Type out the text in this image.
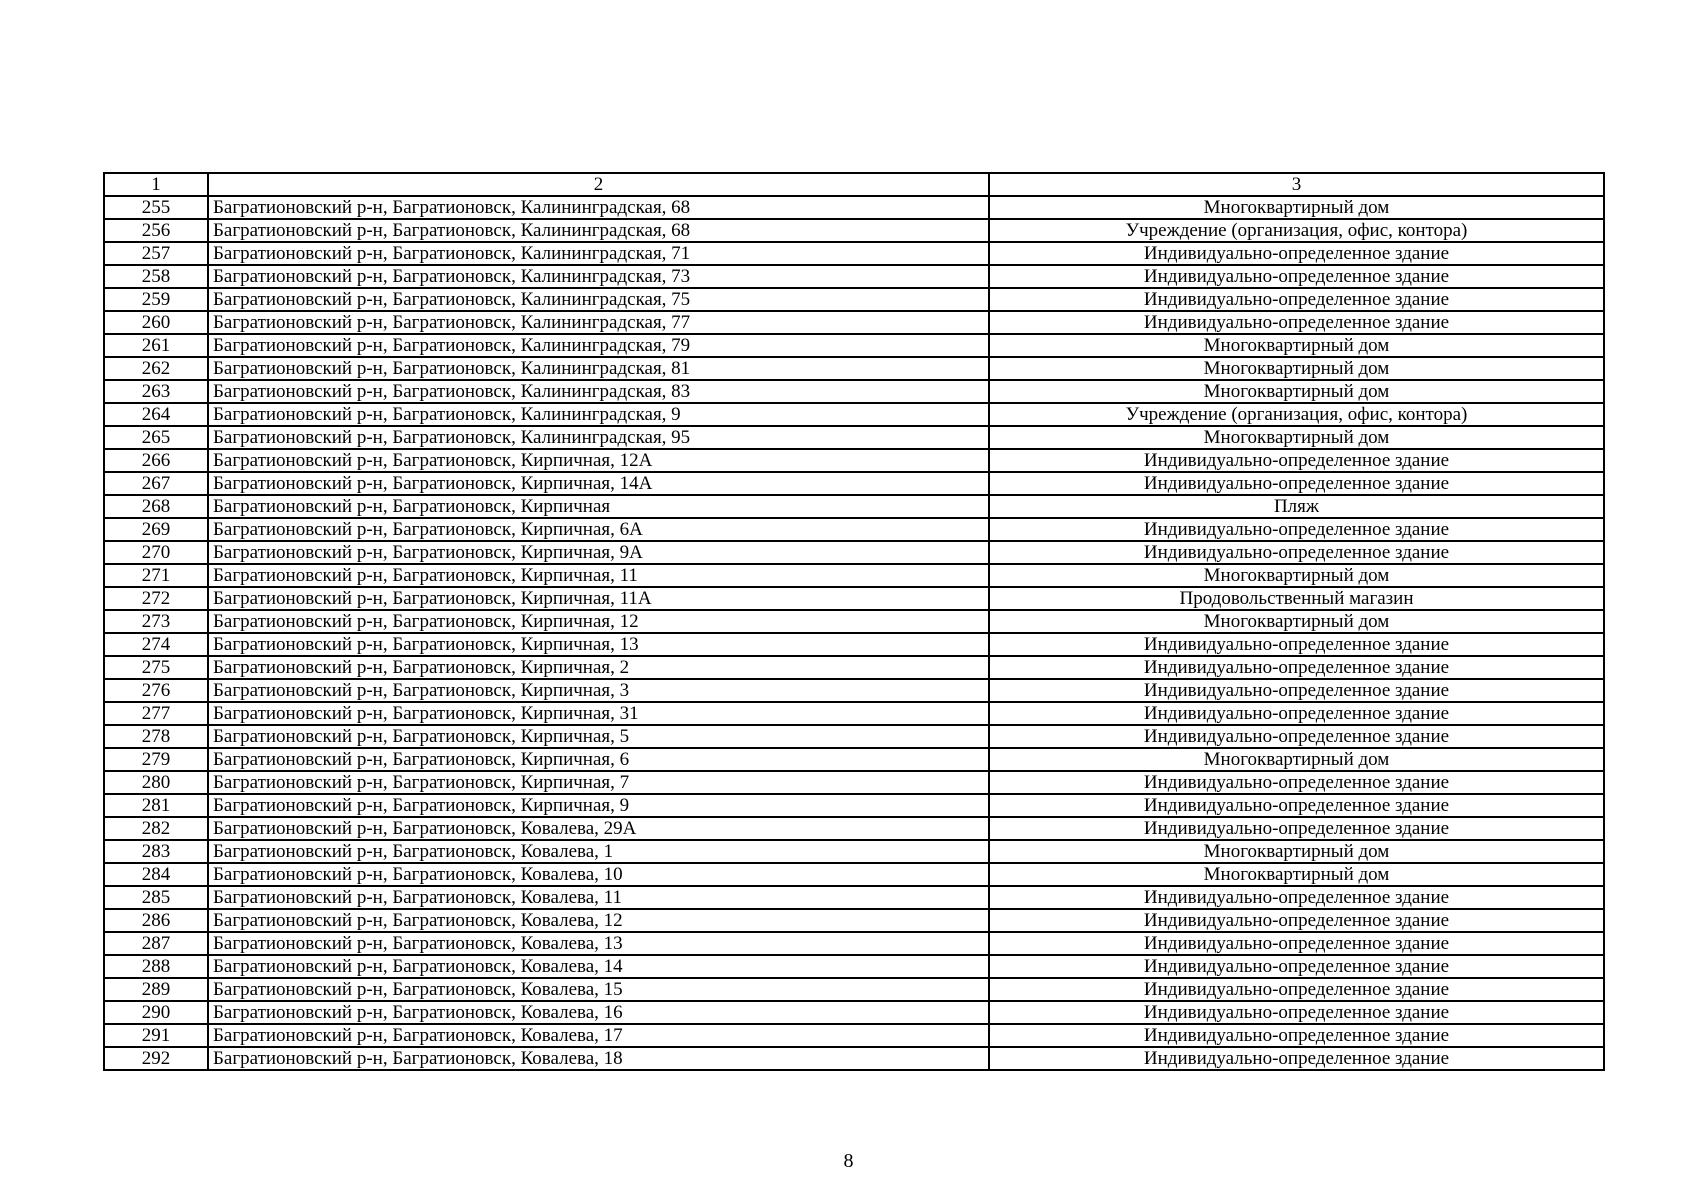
1	2	3
255	Багратионовский р-н, Багратионовск, Калининградская, 68	Многоквартирный дом
256	Багратионовский р-н, Багратионовск, Калининградская, 68	Учреждение (организация, офис, контора)
257	Багратионовский р-н, Багратионовск, Калининградская, 71	Индивидуально-определенное здание
258	Багратионовский р-н, Багратионовск, Калининградская, 73	Индивидуально-определенное здание
259	Багратионовский р-н, Багратионовск, Калининградская, 75	Индивидуально-определенное здание
260	Багратионовский р-н, Багратионовск, Калининградская, 77	Индивидуально-определенное здание
261	Багратионовский р-н, Багратионовск, Калининградская, 79	Многоквартирный дом
262	Багратионовский р-н, Багратионовск, Калининградская, 81	Многоквартирный дом
263	Багратионовский р-н, Багратионовск, Калининградская, 83	Многоквартирный дом
264	Багратионовский р-н, Багратионовск, Калининградская, 9	Учреждение (организация, офис, контора)
265	Багратионовский р-н, Багратионовск, Калининградская, 95	Многоквартирный дом
266	Багратионовский р-н, Багратионовск, Кирпичная, 12А	Индивидуально-определенное здание
267	Багратионовский р-н, Багратионовск, Кирпичная, 14А	Индивидуально-определенное здание
268	Багратионовский р-н, Багратионовск, Кирпичная	Пляж
269	Багратионовский р-н, Багратионовск, Кирпичная, 6А	Индивидуально-определенное здание
270	Багратионовский р-н, Багратионовск, Кирпичная, 9А	Индивидуально-определенное здание
271	Багратионовский р-н, Багратионовск, Кирпичная, 11	Многоквартирный дом
272	Багратионовский р-н, Багратионовск, Кирпичная, 11А	Продовольственный магазин
273	Багратионовский р-н, Багратионовск, Кирпичная, 12	Многоквартирный дом
274	Багратионовский р-н, Багратионовск, Кирпичная, 13	Индивидуально-определенное здание
275	Багратионовский р-н, Багратионовск, Кирпичная, 2	Индивидуально-определенное здание
276	Багратионовский р-н, Багратионовск, Кирпичная, 3	Индивидуально-определенное здание
277	Багратионовский р-н, Багратионовск, Кирпичная, 31	Индивидуально-определенное здание
278	Багратионовский р-н, Багратионовск, Кирпичная, 5	Индивидуально-определенное здание
279	Багратионовский р-н, Багратионовск, Кирпичная, 6	Многоквартирный дом
280	Багратионовский р-н, Багратионовск, Кирпичная, 7	Индивидуально-определенное здание
281	Багратионовский р-н, Багратионовск, Кирпичная, 9	Индивидуально-определенное здание
282	Багратионовский р-н, Багратионовск, Ковалева, 29А	Индивидуально-определенное здание
283	Багратионовский р-н, Багратионовск, Ковалева, 1	Многоквартирный дом
284	Багратионовский р-н, Багратионовск, Ковалева, 10	Многоквартирный дом
285	Багратионовский р-н, Багратионовск, Ковалева, 11	Индивидуально-определенное здание
286	Багратионовский р-н, Багратионовск, Ковалева, 12	Индивидуально-определенное здание
287	Багратионовский р-н, Багратионовск, Ковалева, 13	Индивидуально-определенное здание
288	Багратионовский р-н, Багратионовск, Ковалева, 14	Индивидуально-определенное здание
289	Багратионовский р-н, Багратионовск, Ковалева, 15	Индивидуально-определенное здание
290	Багратионовский р-н, Багратионовск, Ковалева, 16	Индивидуально-определенное здание
291	Багратионовский р-н, Багратионовск, Ковалева, 17	Индивидуально-определенное здание
292	Багратионовский р-н, Багратионовск, Ковалева, 18	Индивидуально-определенное здание
8
